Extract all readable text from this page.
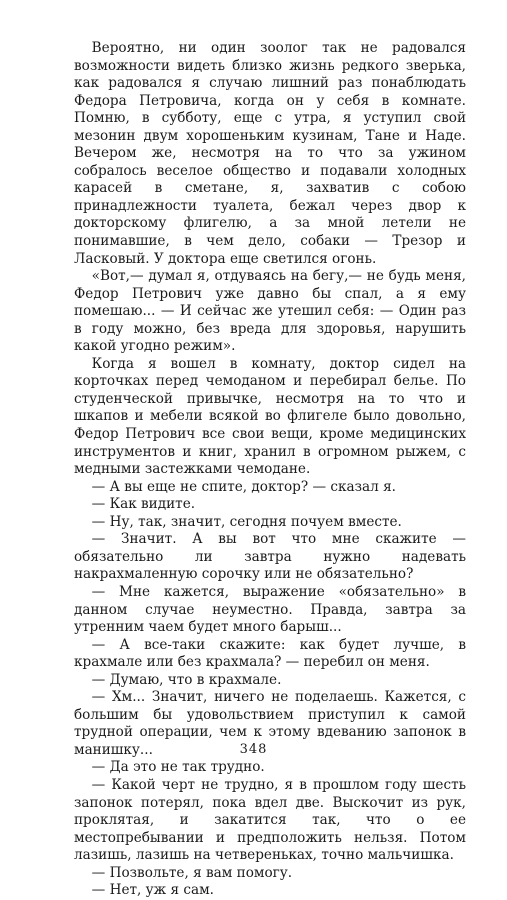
Вероятно, ни один зоолог так не радовался возможности видеть близко жизнь редкого зверька, как радовался я случаю лишний раз понаблюдать Федора Петровича, когда он у себя в комнате. Помню, в субботу, еще с утра, я уступил свой мезонин двум хорошеньким кузинам, Тане и Наде. Вечером же, несмотря на то что за ужином собралось веселое общество и подавали холодных карасей в сметане, я, захватив с собою принадлежности туалета, бежал через двор к докторскому флигелю, а за мной летели не понимавшие, в чем дело, собаки — Трезор и Ласковый. У доктора еще светился огонь.

«Вот,— думал я, отдуваясь на бегу,— не будь меня, Федор Петрович уже давно бы спал, а я ему помешаю... — И сейчас же утешил себя: — Один раз в году можно, без вреда для здоровья, нарушить какой угодно режим».

Когда я вошел в комнату, доктор сидел на корточках перед чемоданом и перебирал белье. По студенческой привычке, несмотря на то что и шкапов и мебели всякой во флигеле было довольно, Федор Петрович все свои вещи, кроме медицинских инструментов и книг, хранил в огромном рыжем, с медными застежками чемодане.

— А вы еще не спите, доктор? — сказал я.

— Как видите.

— Ну, так, значит, сегодня почуем вместе.

— Значит. А вы вот что мне скажите — обязательно ли завтра нужно надевать накрахмаленную сорочку или не обязательно?

— Мне кажется, выражение «обязательно» в данном случае неуместно. Правда, завтра за утренним чаем будет много барыш...

— А все-таки скажите: как будет лучше, в крахмале или без крахмала? — перебил он меня.

— Думаю, что в крахмале.

— Хм... Значит, ничего не поделаешь. Кажется, с большим бы удовольствием приступил к самой трудной операции, чем к этому вдеванию запонок в манишку...

— Да это не так трудно.

— Какой черт не трудно, я в прошлом году шесть запонок потерял, пока вдел две. Выскочит из рук, проклятая, и закатится так, что о ее местопребывании и предположить нельзя. Потом лазишь, лазишь на четвереньках, точно мальчишка.

— Позвольте, я вам помогу.

— Нет, уж я сам.

348
